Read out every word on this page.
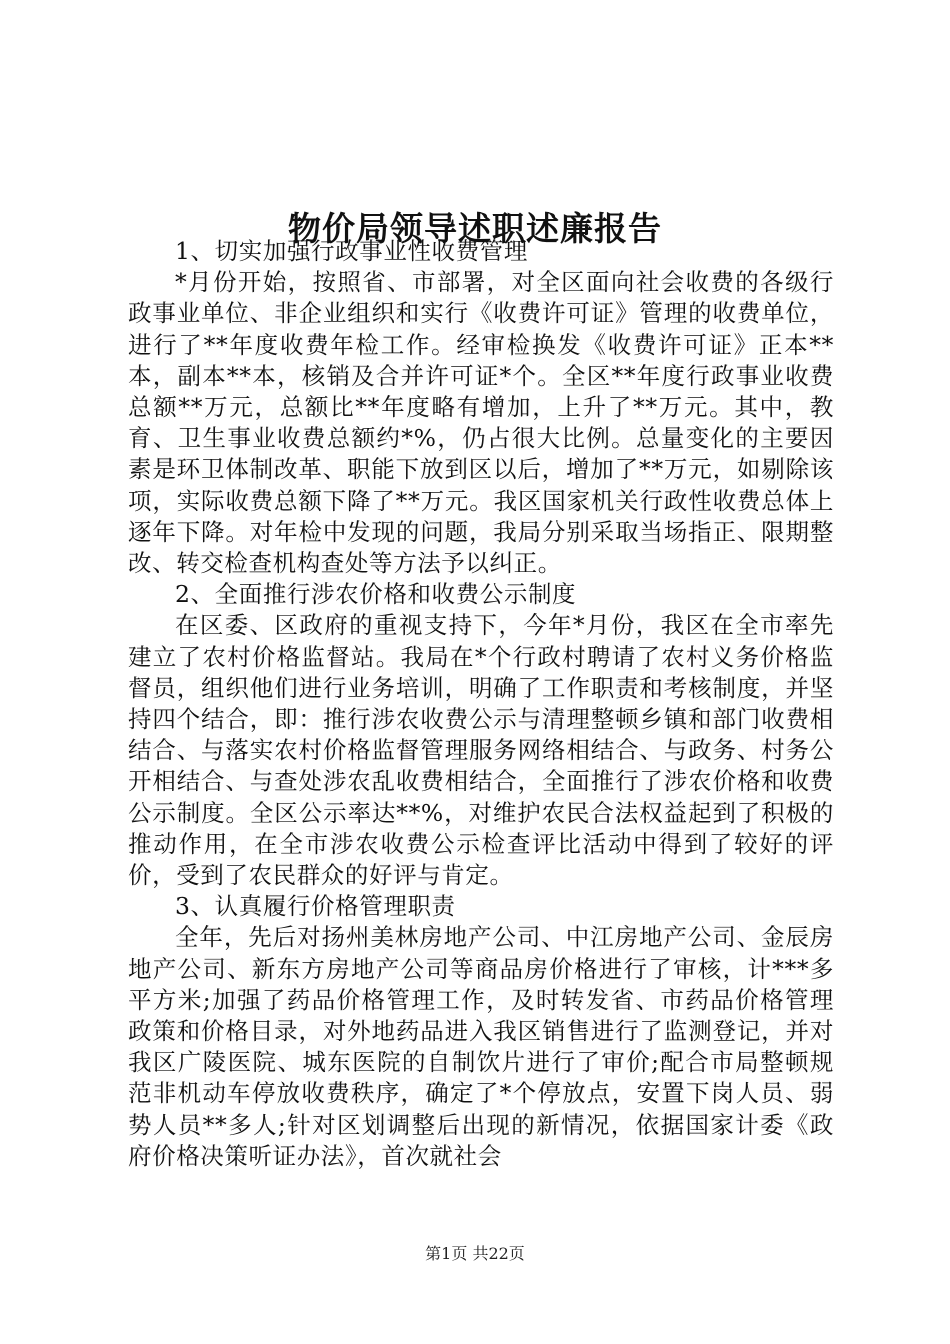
物价局领导述职述廉报告

1、切实加强行政事业性收费管理

*月份开始，按照省、市部署，对全区面向社会收费的各级行政事业单位、非企业组织和实行《收费许可证》管理的收费单位，进行了**年度收费年检工作。经审检换发《收费许可证》正本**本，副本**本，核销及合并许可证*个。全区**年度行政事业收费总额**万元，总额比**年度略有增加，上升了**万元。其中，教育、卫生事业收费总额约*%，仍占很大比例。总量变化的主要因素是环卫体制改革、职能下放到区以后，增加了**万元，如剔除该项，实际收费总额下降了**万元。我区国家机关行政性收费总体上逐年下降。对年检中发现的问题，我局分别采取当场指正、限期整改、转交检查机构查处等方法予以纠正。

2、全面推行涉农价格和收费公示制度

在区委、区政府的重视支持下，今年*月份，我区在全市率先建立了农村价格监督站。我局在*个行政村聘请了农村义务价格监督员，组织他们进行业务培训，明确了工作职责和考核制度，并坚持四个结合，即：推行涉农收费公示与清理整顿乡镇和部门收费相结合、与落实农村价格监督管理服务网络相结合、与政务、村务公开相结合、与查处涉农乱收费相结合，全面推行了涉农价格和收费公示制度。全区公示率达**%，对维护农民合法权益起到了积极的推动作用，在全市涉农收费公示检查评比活动中得到了较好的评价，受到了农民群众的好评与肯定。

3、认真履行价格管理职责

全年，先后对扬州美林房地产公司、中江房地产公司、金辰房地产公司、新东方房地产公司等商品房价格进行了审核，计***多平方米;加强了药品价格管理工作，及时转发省、市药品价格管理政策和价格目录，对外地药品进入我区销售进行了监测登记，并对我区广陵医院、城东医院的自制饮片进行了审价;配合市局整顿规范非机动车停放收费秩序，确定了*个停放点，安置下岗人员、弱势人员**多人;针对区划调整后出现的新情况，依据国家计委《政府价格决策听证办法》，首次就社会

第1页 共22页
